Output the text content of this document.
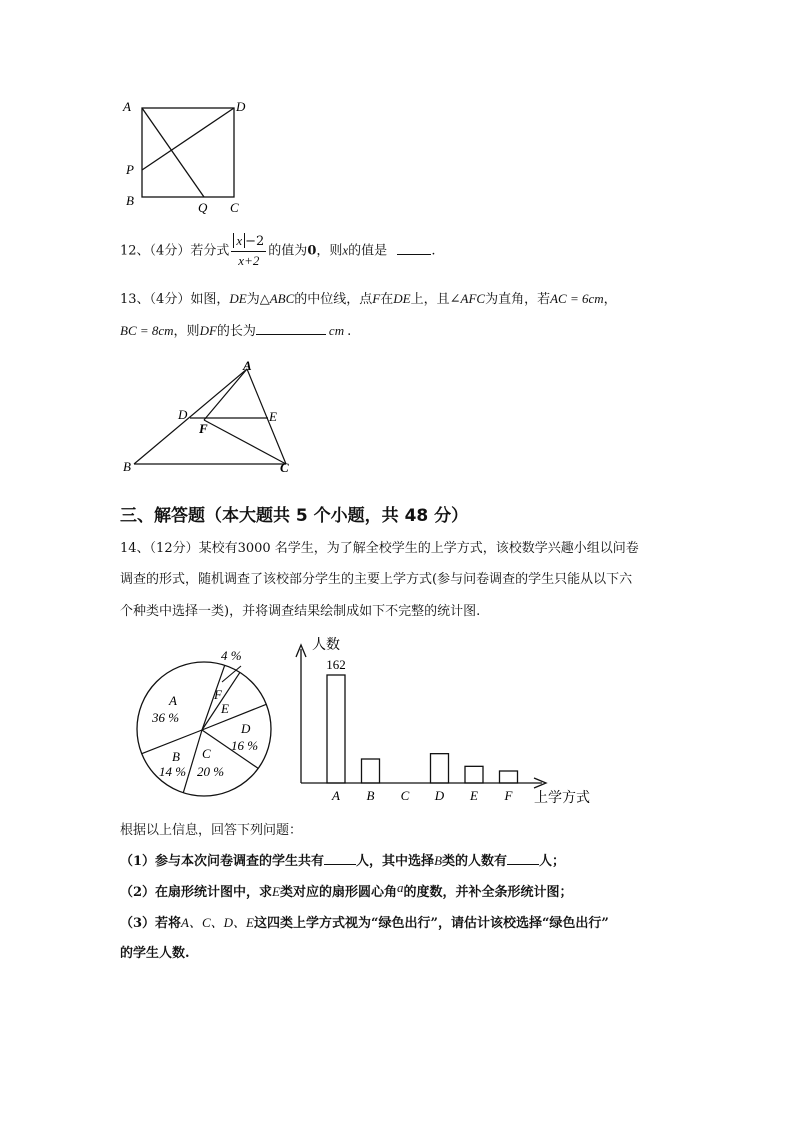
A	D
P
B	Q C
12、（4分）若分式 $\frac{x -2}{x+2}$ 的值为0，则x的值是	.
13、（4分）如图，DE为△ABC的中位线，点F在DE上，且∠AFC为直角，若AC = 6cm，
BC = 8cm，则DF的长为	cm .
A
D	E
F
B	C
三、解答题（本大题共 5 个小题，共 48 分）
14、（12分）某校有3000 名学生，为了解全校学生的上学方式，该校数学兴趣小组以问卷
调查的形式，随机调查了该校部分学生的主要上学方式(参与问卷调查的学生只能从以下六
个种类中选择一类)，并将调查结果绘制成如下不完整的统计图.
4 %
A
36 %
F
E
D
16 %
B
14 %
C
20 %
人数
上学方式
162
A B C D E F
根据以上信息，回答下列问题：
（1）参与本次问卷调查的学生共有 人，其中选择B类的人数有 人；
（2）在扇形统计图中，求E类对应的扇形圆心角a的度数，并补全条形统计图；
（3）若将A、C、D、E这四类上学方式视为“绿色出行”，请估计该校选择“绿色出行”
的学生人数.
